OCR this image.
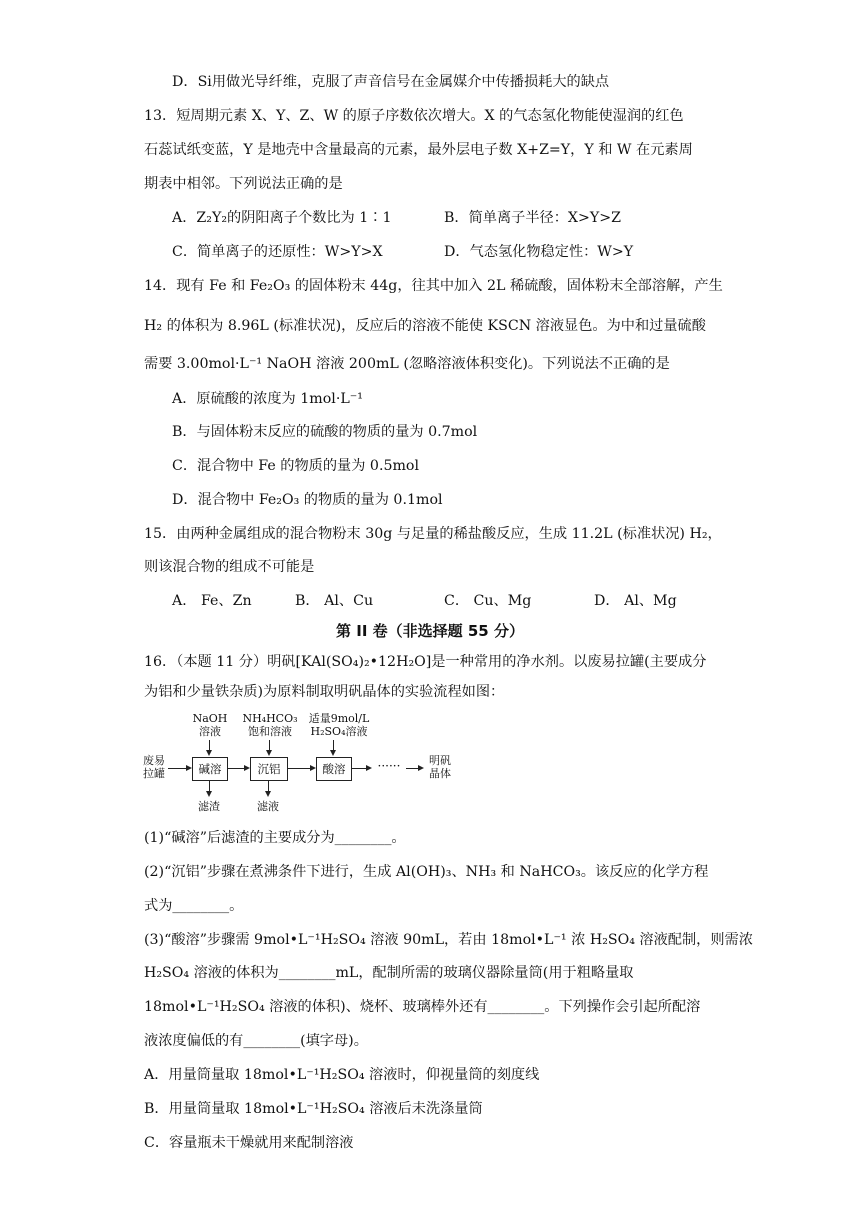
D．Si用做光导纤维，克服了声音信号在金属媒介中传播损耗大的缺点
13．短周期元素 X、Y、Z、W 的原子序数依次增大。X 的气态氢化物能使湿润的红色
石蕊试纸变蓝，Y 是地壳中含量最高的元素，最外层电子数 X+Z=Y，Y 和 W 在元素周
期表中相邻。下列说法正确的是
A．Z₂Y₂的阴阳离子个数比为 1∶1	B．简单离子半径：X>Y>Z
C．简单离子的还原性：W>Y>X	D．气态氢化物稳定性：W>Y
14．现有 Fe 和 Fe₂O₃ 的固体粉末 44g，往其中加入 2L 稀硫酸，固体粉末全部溶解，产生
H₂ 的体积为 8.96L (标准状况)，反应后的溶液不能使 KSCN 溶液显色。为中和过量硫酸
需要 3.00mol·L⁻¹ NaOH 溶液 200mL (忽略溶液体积变化)。下列说法不正确的是
A．原硫酸的浓度为 1mol·L⁻¹
B．与固体粉末反应的硫酸的物质的量为 0.7mol
C．混合物中 Fe 的物质的量为 0.5mol
D．混合物中 Fe₂O₃ 的物质的量为 0.1mol
15．由两种金属组成的混合物粉末 30g 与足量的稀盐酸反应，生成 11.2L (标准状况) H₂，
则该混合物的组成不可能是
A． Fe、Zn	B． Al、Cu	C． Cu、Mg	D． Al、Mg
第 II 卷（非选择题 55 分）
16．（本题 11 分）明矾[KAl(SO₄)₂•12H₂O]是一种常用的净水剂。以废易拉罐(主要成分
为铝和少量铁杂质)为原料制取明矾晶体的实验流程如图：
NaOH
溶液
NH₄HCO₃
饱和溶液
适量9mol/L
H₂SO₄溶液
废易
拉罐	碱溶	沉铝	酸溶	······	明矾
晶体
滤渣	滤液
(1)“碱溶”后滤渣的主要成分为________。
(2)“沉铝”步骤在煮沸条件下进行，生成 Al(OH)₃、NH₃ 和 NaHCO₃。该反应的化学方程
式为________。
(3)“酸溶”步骤需 9mol•L⁻¹H₂SO₄ 溶液 90mL，若由 18mol•L⁻¹ 浓 H₂SO₄ 溶液配制，则需浓
H₂SO₄ 溶液的体积为________mL，配制所需的玻璃仪器除量筒(用于粗略量取
18mol•L⁻¹H₂SO₄ 溶液的体积)、烧杯、玻璃棒外还有________。下列操作会引起所配溶
液浓度偏低的有________(填字母)。
A．用量筒量取 18mol•L⁻¹H₂SO₄ 溶液时，仰视量筒的刻度线
B．用量筒量取 18mol•L⁻¹H₂SO₄ 溶液后未洗涤量筒
C．容量瓶未干燥就用来配制溶液
